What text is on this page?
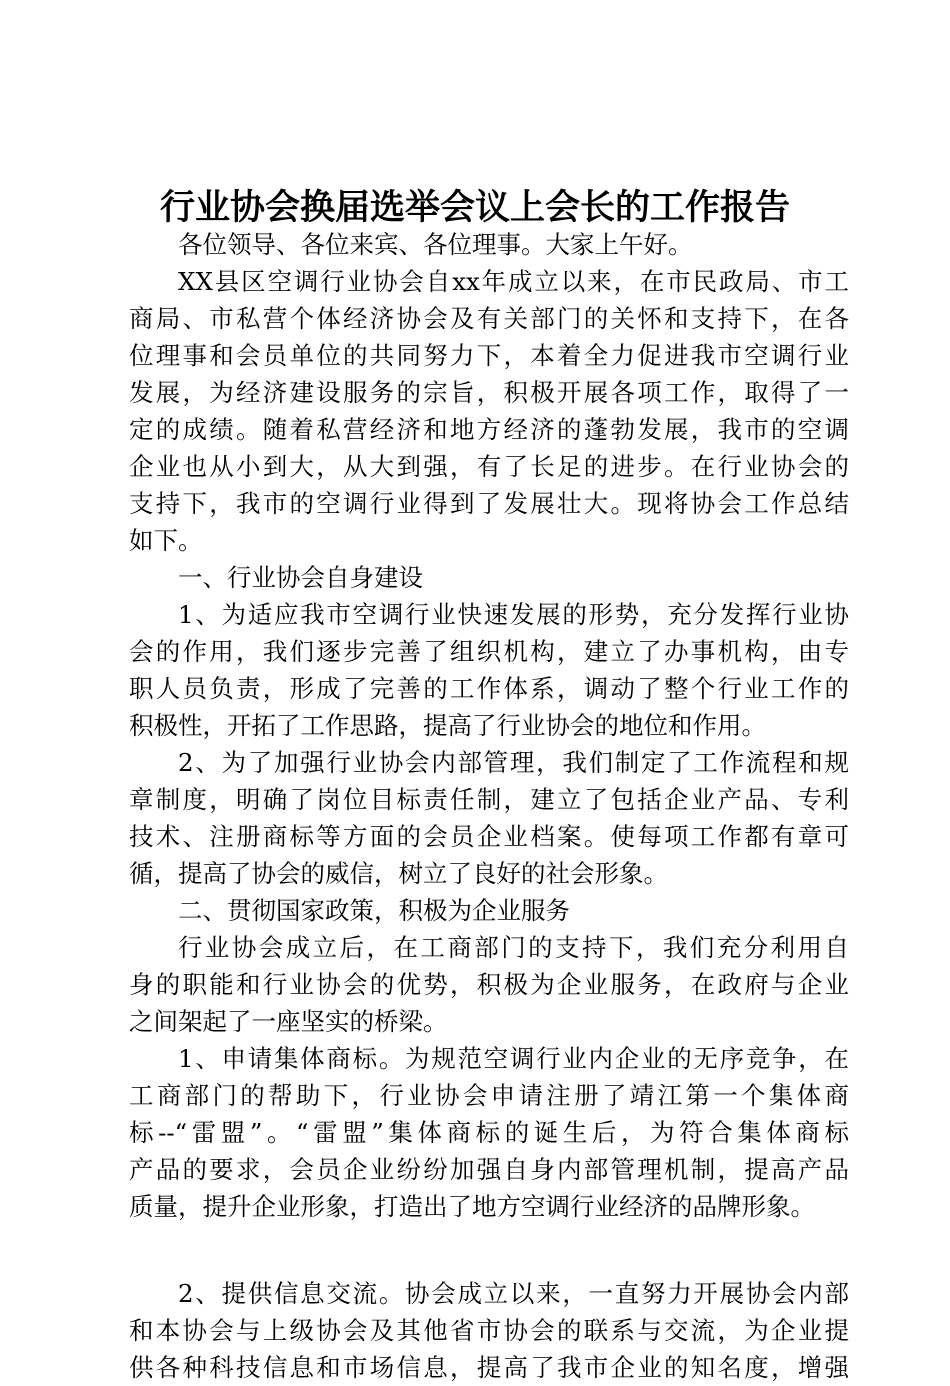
行业协会换届选举会议上会长的工作报告
各位领导、各位来宾、各位理事。大家上午好。
XX县区空调行业协会自xx年成立以来，在市民政局、市工
商局、市私营个体经济协会及有关部门的关怀和支持下，在各
位理事和会员单位的共同努力下，本着全力促进我市空调行业
发展，为经济建设服务的宗旨，积极开展各项工作，取得了一
定的成绩。随着私营经济和地方经济的蓬勃发展，我市的空调
企业也从小到大，从大到强，有了长足的进步。在行业协会的
支持下，我市的空调行业得到了发展壮大。现将协会工作总结
如下。
一、行业协会自身建设
1、为适应我市空调行业快速发展的形势，充分发挥行业协
会的作用，我们逐步完善了组织机构，建立了办事机构，由专
职人员负责，形成了完善的工作体系，调动了整个行业工作的
积极性，开拓了工作思路，提高了行业协会的地位和作用。
2、为了加强行业协会内部管理，我们制定了工作流程和规
章制度，明确了岗位目标责任制，建立了包括企业产品、专利
技术、注册商标等方面的会员企业档案。使每项工作都有章可
循，提高了协会的威信，树立了良好的社会形象。
二、贯彻国家政策，积极为企业服务
行业协会成立后，在工商部门的支持下，我们充分利用自
身的职能和行业协会的优势，积极为企业服务，在政府与企业
之间架起了一座坚实的桥梁。
1、申请集体商标。为规范空调行业内企业的无序竞争，在
工商部门的帮助下，行业协会申请注册了靖江第一个集体商
标--“雷盟”。“雷盟”集体商标的诞生后，为符合集体商标
产品的要求，会员企业纷纷加强自身内部管理机制，提高产品
质量，提升企业形象，打造出了地方空调行业经济的品牌形象。
2、提供信息交流。协会成立以来，一直努力开展协会内部
和本协会与上级协会及其他省市协会的联系与交流，为企业提
供各种科技信息和市场信息，提高了我市企业的知名度，增强
